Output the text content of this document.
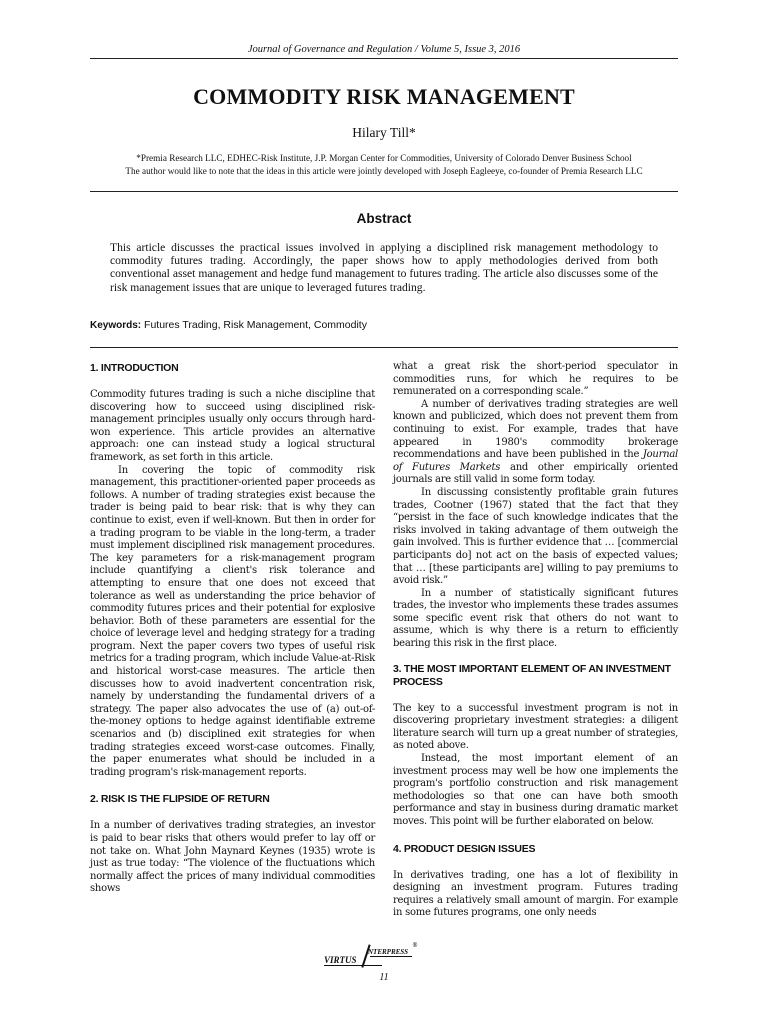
Journal of Governance and Regulation / Volume 5, Issue 3, 2016
COMMODITY RISK MANAGEMENT
Hilary Till*
*Premia Research LLC, EDHEC-Risk Institute, J.P. Morgan Center for Commodities, University of Colorado Denver Business School
The author would like to note that the ideas in this article were jointly developed with Joseph Eagleeye, co-founder of Premia Research LLC
Abstract
This article discusses the practical issues involved in applying a disciplined risk management methodology to commodity futures trading. Accordingly, the paper shows how to apply methodologies derived from both conventional asset management and hedge fund management to futures trading. The article also discusses some of the risk management issues that are unique to leveraged futures trading.
Keywords: Futures Trading, Risk Management, Commodity
1. INTRODUCTION

Commodity futures trading is such a niche discipline that discovering how to succeed using disciplined risk-management principles usually only occurs through hard-won experience. This article provides an alternative approach: one can instead study a logical structural framework, as set forth in this article.

In covering the topic of commodity risk management, this practitioner-oriented paper proceeds as follows. A number of trading strategies exist because the trader is being paid to bear risk: that is why they can continue to exist, even if well-known. But then in order for a trading program to be viable in the long-term, a trader must implement disciplined risk management procedures. The key parameters for a risk-management program include quantifying a client's risk tolerance and attempting to ensure that one does not exceed that tolerance as well as understanding the price behavior of commodity futures prices and their potential for explosive behavior. Both of these parameters are essential for the choice of leverage level and hedging strategy for a trading program. Next the paper covers two types of useful risk metrics for a trading program, which include Value-at-Risk and historical worst-case measures. The article then discusses how to avoid inadvertent concentration risk, namely by understanding the fundamental drivers of a strategy. The paper also advocates the use of (a) out-of-the-money options to hedge against identifiable extreme scenarios and (b) disciplined exit strategies for when trading strategies exceed worst-case outcomes. Finally, the paper enumerates what should be included in a trading program's risk-management reports.

2. RISK IS THE FLIPSIDE OF RETURN

In a number of derivatives trading strategies, an investor is paid to bear risks that others would prefer to lay off or not take on. What John Maynard Keynes (1935) wrote is just as true today: “The violence of the fluctuations which normally affect the prices of many individual commodities shows

what a great risk the short-period speculator in commodities runs, for which he requires to be remunerated on a corresponding scale.”

A number of derivatives trading strategies are well known and publicized, which does not prevent them from continuing to exist. For example, trades that have appeared in 1980's commodity brokerage recommendations and have been published in the Journal of Futures Markets and other empirically oriented journals are still valid in some form today.

In discussing consistently profitable grain futures trades, Cootner (1967) stated that the fact that they “persist in the face of such knowledge indicates that the risks involved in taking advantage of them outweigh the gain involved. This is further evidence that … [commercial participants do] not act on the basis of expected values; that … [these participants are] willing to pay premiums to avoid risk.”

In a number of statistically significant futures trades, the investor who implements these trades assumes some specific event risk that others do not want to assume, which is why there is a return to efficiently bearing this risk in the first place.

3. THE MOST IMPORTANT ELEMENT OF AN INVESTMENT PROCESS

The key to a successful investment program is not in discovering proprietary investment strategies: a diligent literature search will turn up a great number of strategies, as noted above.

Instead, the most important element of an investment process may well be how one implements the program's portfolio construction and risk management methodologies so that one can have both smooth performance and stay in business during dramatic market moves. This point will be further elaborated on below.

4. PRODUCT DESIGN ISSUES

In derivatives trading, one has a lot of flexibility in designing an investment program. Futures trading requires a relatively small amount of margin. For example in some futures programs, one only needs

VIRTUS
NTERPRESS
®
11
